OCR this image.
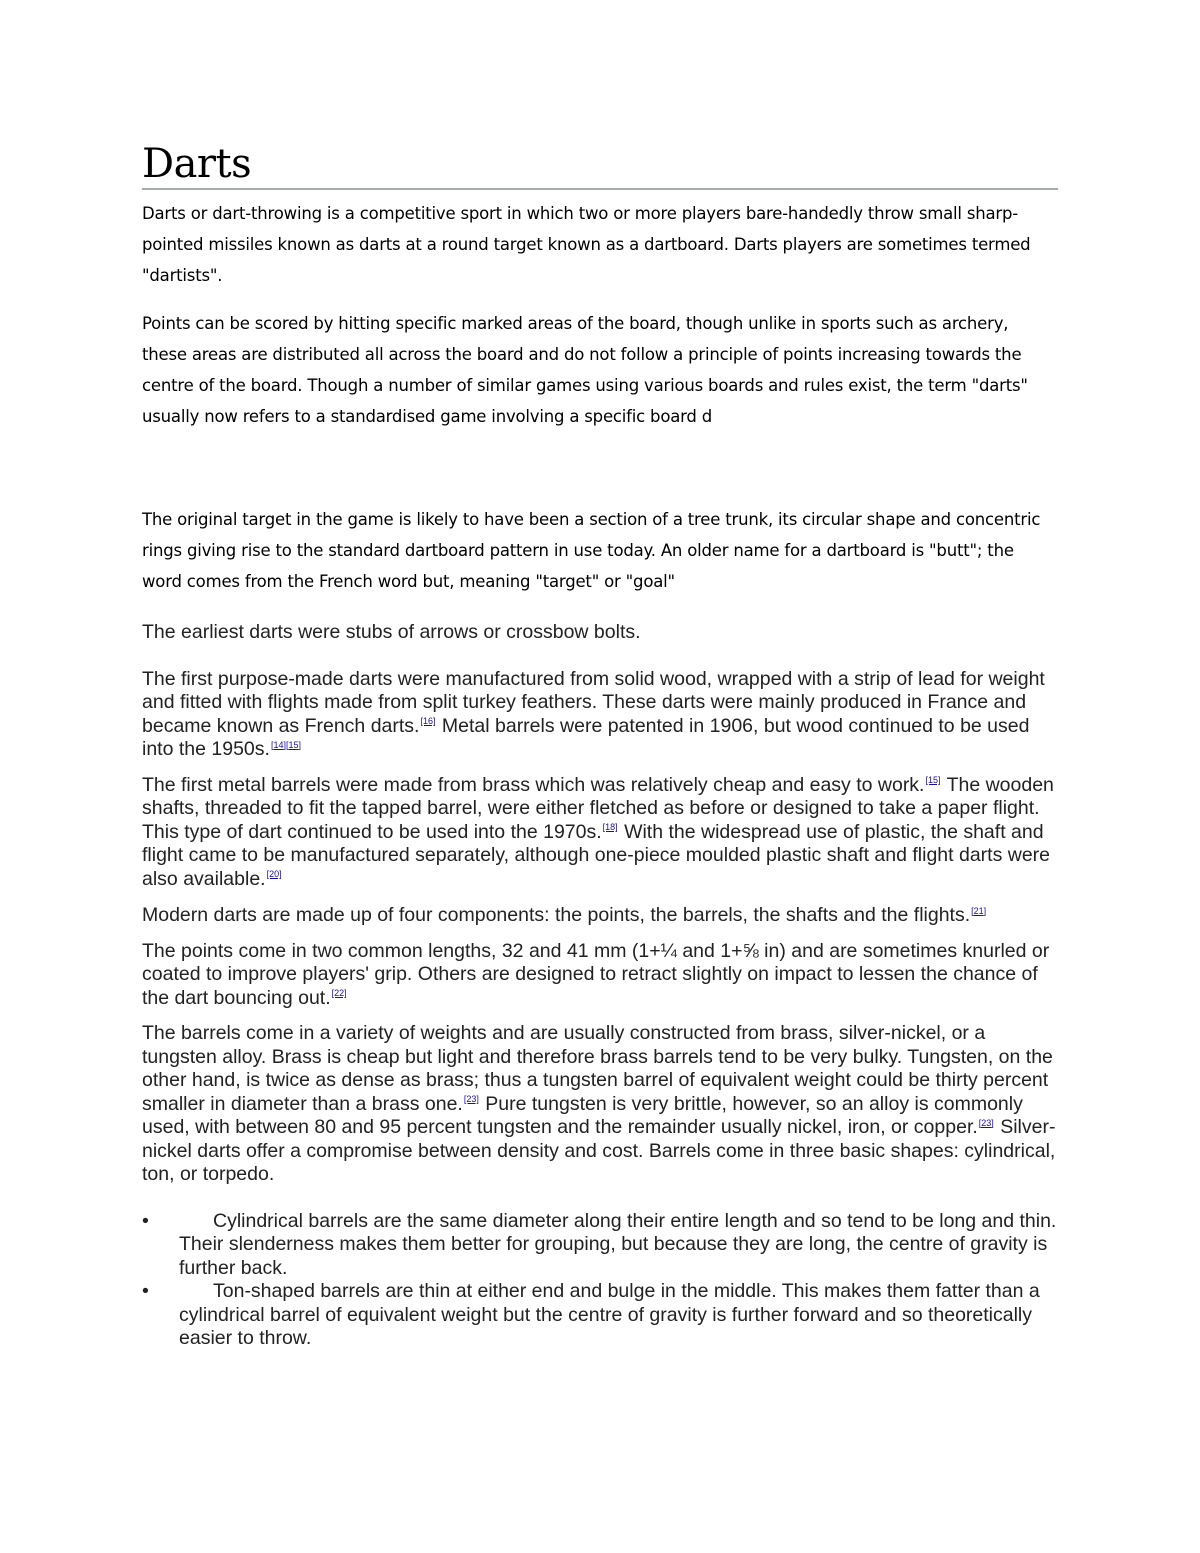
Darts

Darts or dart-throwing is a competitive sport in which two or more players bare-handedly throw small sharp-pointed missiles known as darts at a round target known as a dartboard. Darts players are sometimes termed "dartists".

Points can be scored by hitting specific marked areas of the board, though unlike in sports such as archery, these areas are distributed all across the board and do not follow a principle of points increasing towards the centre of the board. Though a number of similar games using various boards and rules exist, the term "darts" usually now refers to a standardised game involving a specific board d

The original target in the game is likely to have been a section of a tree trunk, its circular shape and concentric rings giving rise to the standard dartboard pattern in use today. An older name for a dartboard is "butt"; the word comes from the French word but, meaning "target" or "goal"

The earliest darts were stubs of arrows or crossbow bolts.

The first purpose-made darts were manufactured from solid wood, wrapped with a strip of lead for weight and fitted with flights made from split turkey feathers. These darts were mainly produced in France and became known as French darts.[16] Metal barrels were patented in 1906, but wood continued to be used into the 1950s.[14][15]

The first metal barrels were made from brass which was relatively cheap and easy to work.[15] The wooden shafts, threaded to fit the tapped barrel, were either fletched as before or designed to take a paper flight. This type of dart continued to be used into the 1970s.[18] With the widespread use of plastic, the shaft and flight came to be manufactured separately, although one-piece moulded plastic shaft and flight darts were also available.[20]

Modern darts are made up of four components: the points, the barrels, the shafts and the flights.[21]

The points come in two common lengths, 32 and 41 mm (1+¼ and 1+⅝ in) and are sometimes knurled or coated to improve players' grip. Others are designed to retract slightly on impact to lessen the chance of the dart bouncing out.[22]

The barrels come in a variety of weights and are usually constructed from brass, silver-nickel, or a tungsten alloy. Brass is cheap but light and therefore brass barrels tend to be very bulky. Tungsten, on the other hand, is twice as dense as brass; thus a tungsten barrel of equivalent weight could be thirty percent smaller in diameter than a brass one.[23] Pure tungsten is very brittle, however, so an alloy is commonly used, with between 80 and 95 percent tungsten and the remainder usually nickel, iron, or copper.[23] Silver-nickel darts offer a compromise between density and cost. Barrels come in three basic shapes: cylindrical, ton, or torpedo.

•	Cylindrical barrels are the same diameter along their entire length and so tend to be long and thin. Their slenderness makes them better for grouping, but because they are long, the centre of gravity is further back.
•	Ton-shaped barrels are thin at either end and bulge in the middle. This makes them fatter than a cylindrical barrel of equivalent weight but the centre of gravity is further forward and so theoretically easier to throw.
